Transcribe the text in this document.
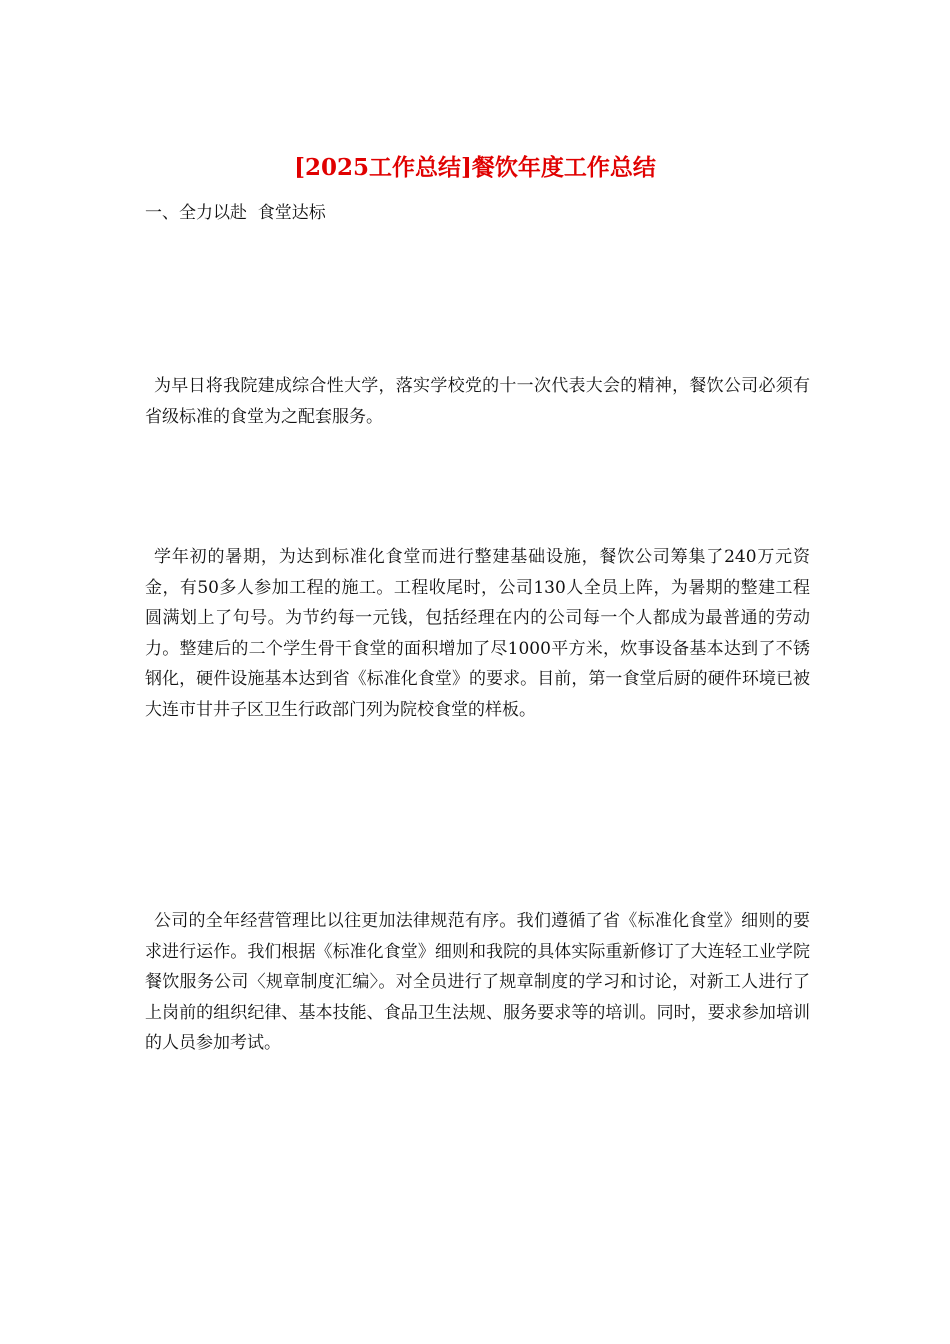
[2025工作总结]餐饮年度工作总结

一、全力以赴  食堂达标

为早日将我院建成综合性大学，落实学校党的十一次代表大会的精神，餐饮公司必须有省级标准的食堂为之配套服务。

学年初的暑期，为达到标准化食堂而进行整建基础设施，餐饮公司筹集了240万元资金，有50多人参加工程的施工。工程收尾时，公司130人全员上阵，为暑期的整建工程圆满划上了句号。为节约每一元钱，包括经理在内的公司每一个人都成为最普通的劳动力。整建后的二个学生骨干食堂的面积增加了尽1000平方米，炊事设备基本达到了不锈钢化，硬件设施基本达到省《标准化食堂》的要求。目前，第一食堂后厨的硬件环境已被大连市甘井子区卫生行政部门列为院校食堂的样板。

公司的全年经营管理比以往更加法律规范有序。我们遵循了省《标准化食堂》细则的要求进行运作。我们根据《标准化食堂》细则和我院的具体实际重新修订了大连轻工业学院餐饮服务公司〈规章制度汇编〉。对全员进行了规章制度的学习和讨论，对新工人进行了上岗前的组织纪律、基本技能、食品卫生法规、服务要求等的培训。同时，要求参加培训的人员参加考试。
